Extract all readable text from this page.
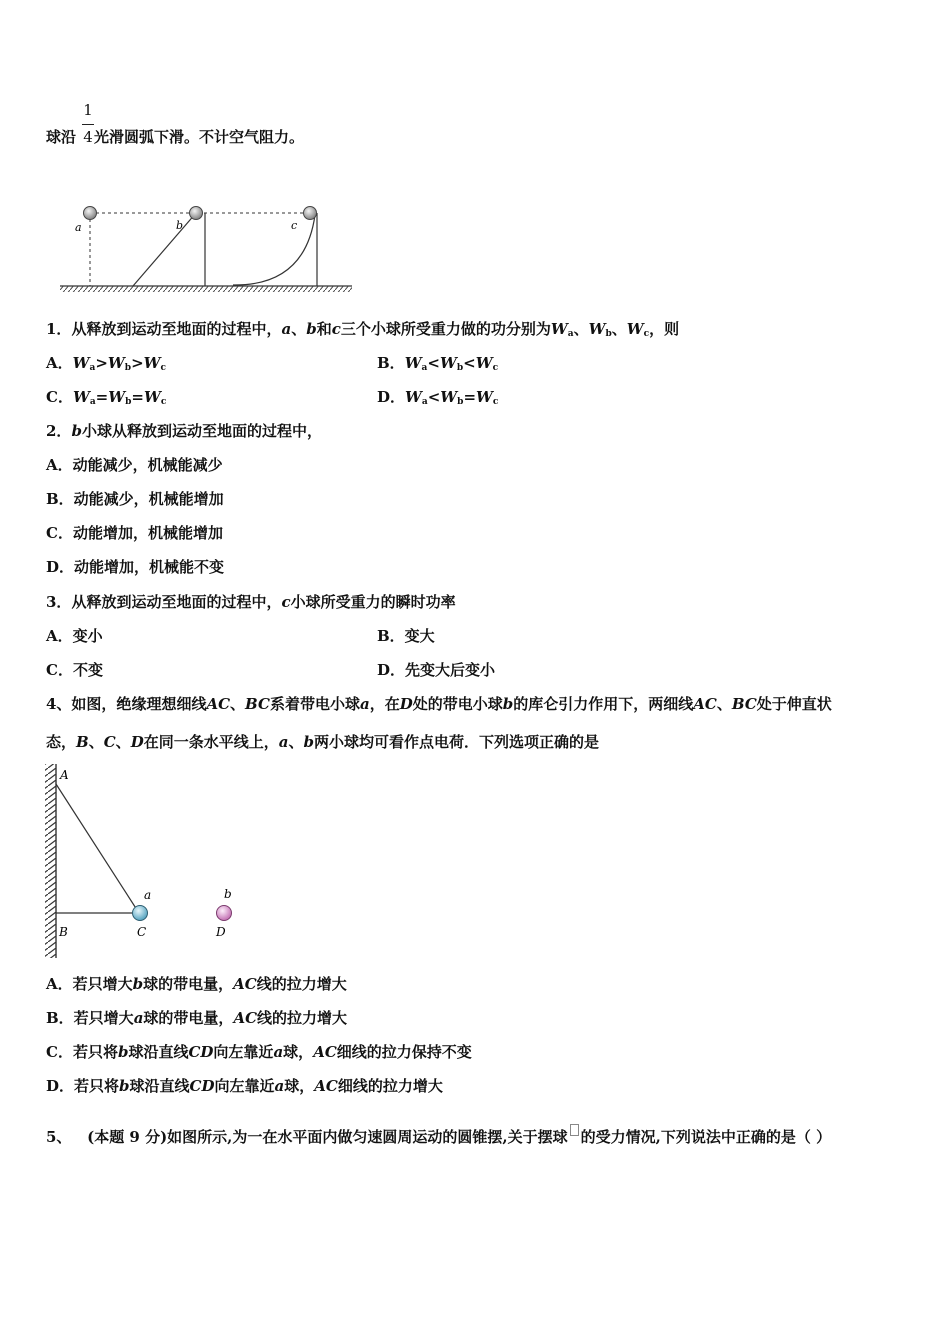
球沿 光滑圆弧下滑。不计空气阻力。
1
4
a	b	c
1．从释放到运动至地面的过程中，a、b和c三个小球所受重力做的功分别为$W_a$、$W_b$、$W_c$，则
A．$W_a>W_b>W_c$	B．$W_a<W_b<W_c$
C．$W_a=W_b=W_c$	D．$W_a<W_b=W_c$
2．b小球从释放到运动至地面的过程中，
A．动能减少，机械能减少
B．动能减少，机械能增加
C．动能增加，机械能增加
D．动能增加，机械能不变
3．从释放到运动至地面的过程中，c小球所受重力的瞬时功率
A．变小	B．变大
C．不变	D．先变大后变小
4、如图，绝缘理想细线AC、BC系着带电小球a，在D处的带电小球b的库仑引力作用下，两细线AC、BC处于伸直状
态，B、C、D在同一条水平线上，a、b两小球均可看作点电荷．下列选项正确的是
A
B	C	D
a	b
A．若只增大b球的带电量，AC线的拉力增大
B．若只增大a球的带电量，AC线的拉力增大
C．若只将b球沿直线CD向左靠近a球，AC细线的拉力保持不变
D．若只将b球沿直线CD向左靠近a球，AC细线的拉力增大
5、 (本题 9 分)如图所示,为一在水平面内做匀速圆周运动的圆锥摆,关于摆球 的受力情况,下列说法中正确的是（ ）
